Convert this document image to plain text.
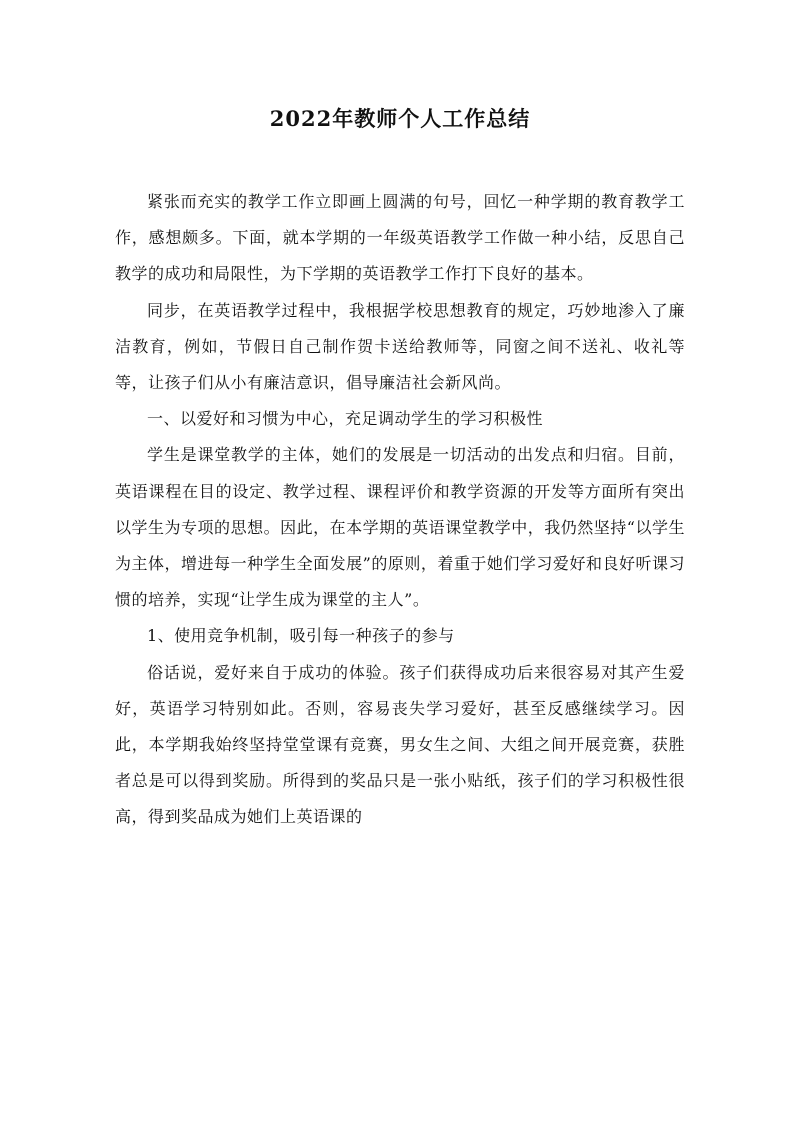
2022年教师个人工作总结

紧张而充实的教学工作立即画上圆满的句号，回忆一种学期的教育教学工作，感想颇多。下面，就本学期的一年级英语教学工作做一种小结，反思自己教学的成功和局限性，为下学期的英语教学工作打下良好的基本。

同步，在英语教学过程中，我根据学校思想教育的规定，巧妙地渗入了廉洁教育，例如，节假日自己制作贺卡送给教师等，同窗之间不送礼、收礼等等，让孩子们从小有廉洁意识，倡导廉洁社会新风尚。

一、以爱好和习惯为中心，充足调动学生的学习积极性

学生是课堂教学的主体，她们的发展是一切活动的出发点和归宿。目前，英语课程在目的设定、教学过程、课程评价和教学资源的开发等方面所有突出以学生为专项的思想。因此，在本学期的英语课堂教学中，我仍然坚持“以学生为主体，增进每一种学生全面发展”的原则，着重于她们学习爱好和良好听课习惯的培养，实现“让学生成为课堂的主人”。

1、使用竞争机制，吸引每一种孩子的参与

俗话说，爱好来自于成功的体验。孩子们获得成功后来很容易对其产生爱好，英语学习特别如此。否则，容易丧失学习爱好，甚至反感继续学习。因此，本学期我始终坚持堂堂课有竞赛，男女生之间、大组之间开展竞赛，获胜者总是可以得到奖励。所得到的奖品只是一张小贴纸，孩子们的学习积极性很高，得到奖品成为她们上英语课的
